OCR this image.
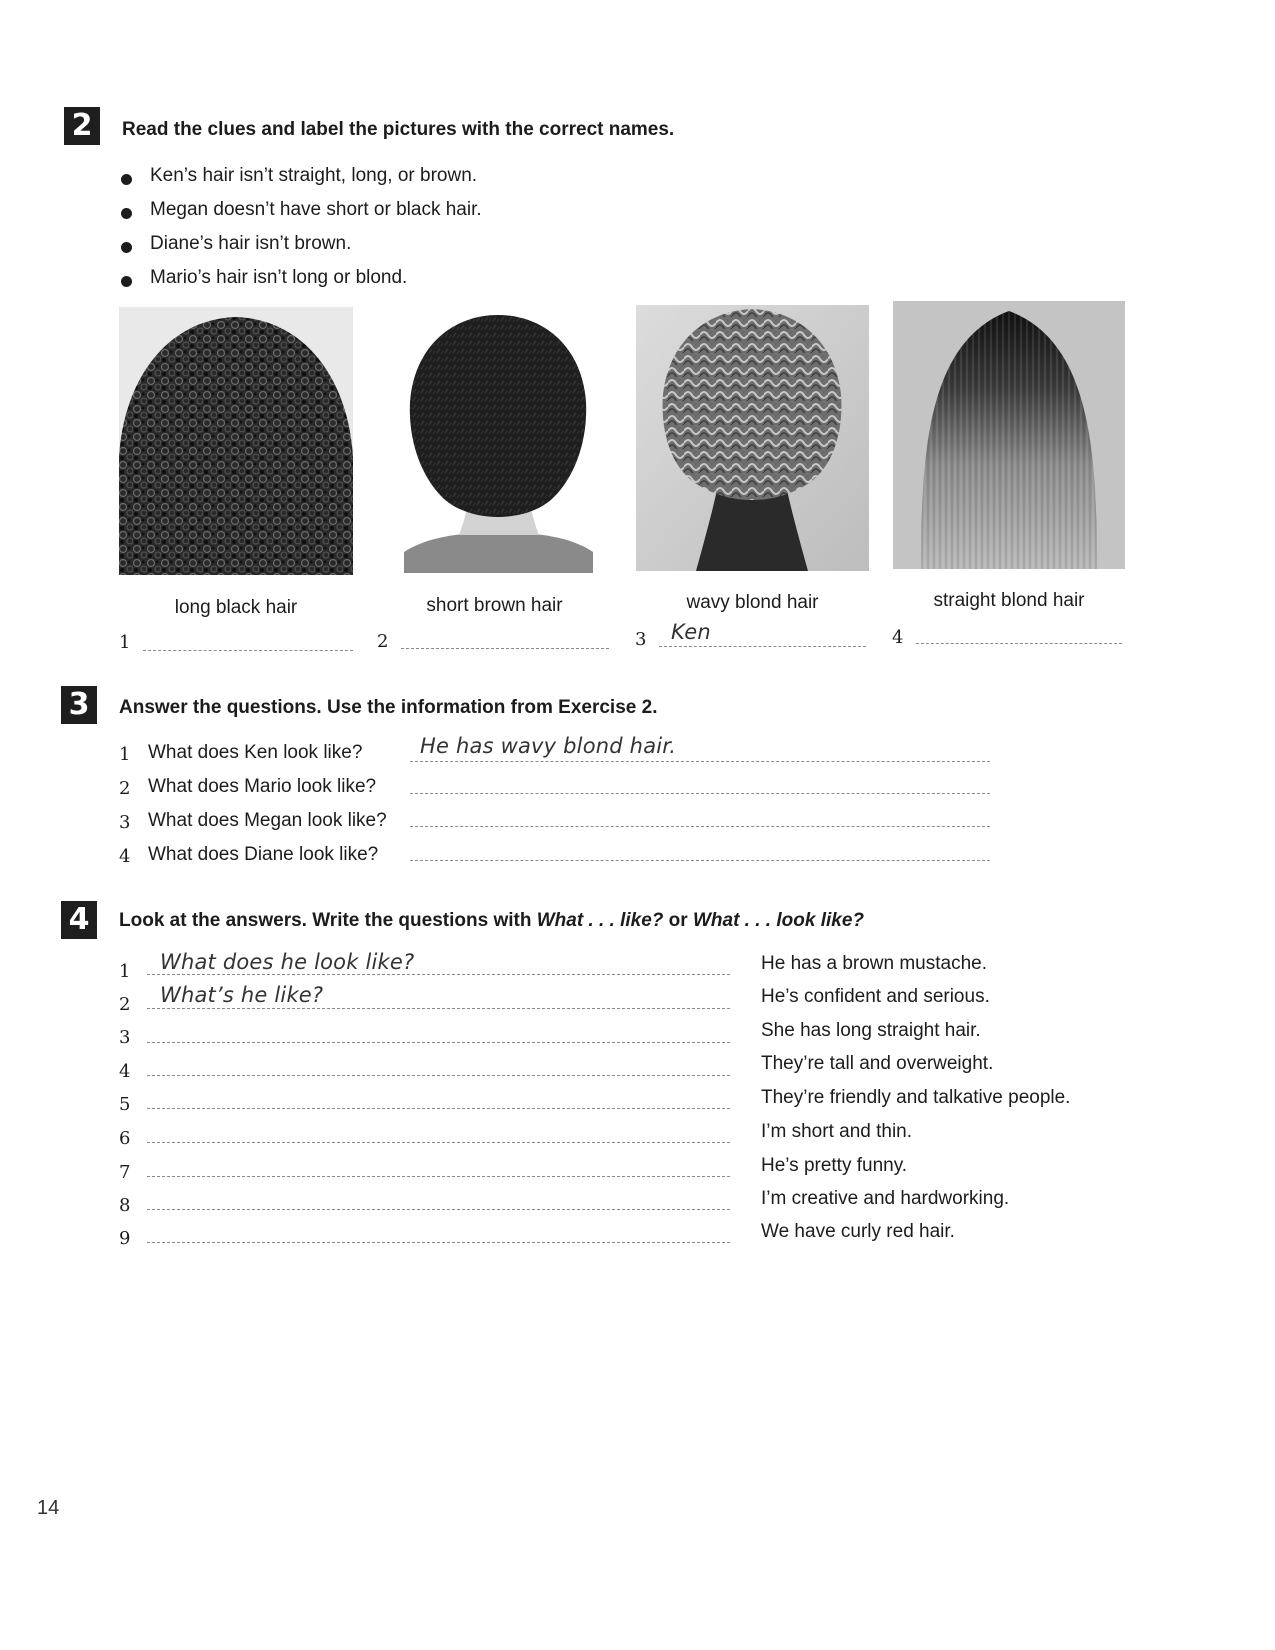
2	Read the clues and label the pictures with the correct names.
Ken’s hair isn’t straight, long, or brown.
Megan doesn’t have short or black hair.
Diane’s hair isn’t brown.
Mario’s hair isn’t long or blond.
long black hair	short brown hair	wavy blond hair	straight blond hair
1	2	3 Ken	4
3	Answer the questions. Use the information from Exercise 2.
1 What does Ken look like?	He has wavy blond hair.
2 What does Mario look like?
3 What does Megan look like?
4 What does Diane look like?
4	Look at the answers. Write the questions with What . . . like? or What . . . look like?
1 What does he look like?	He has a brown mustache.
2 What’s he like?	He’s confident and serious.
3	She has long straight hair.
4	They’re tall and overweight.
5	They’re friendly and talkative people.
6	I’m short and thin.
7	He’s pretty funny.
8	I’m creative and hardworking.
9	We have curly red hair.
14
